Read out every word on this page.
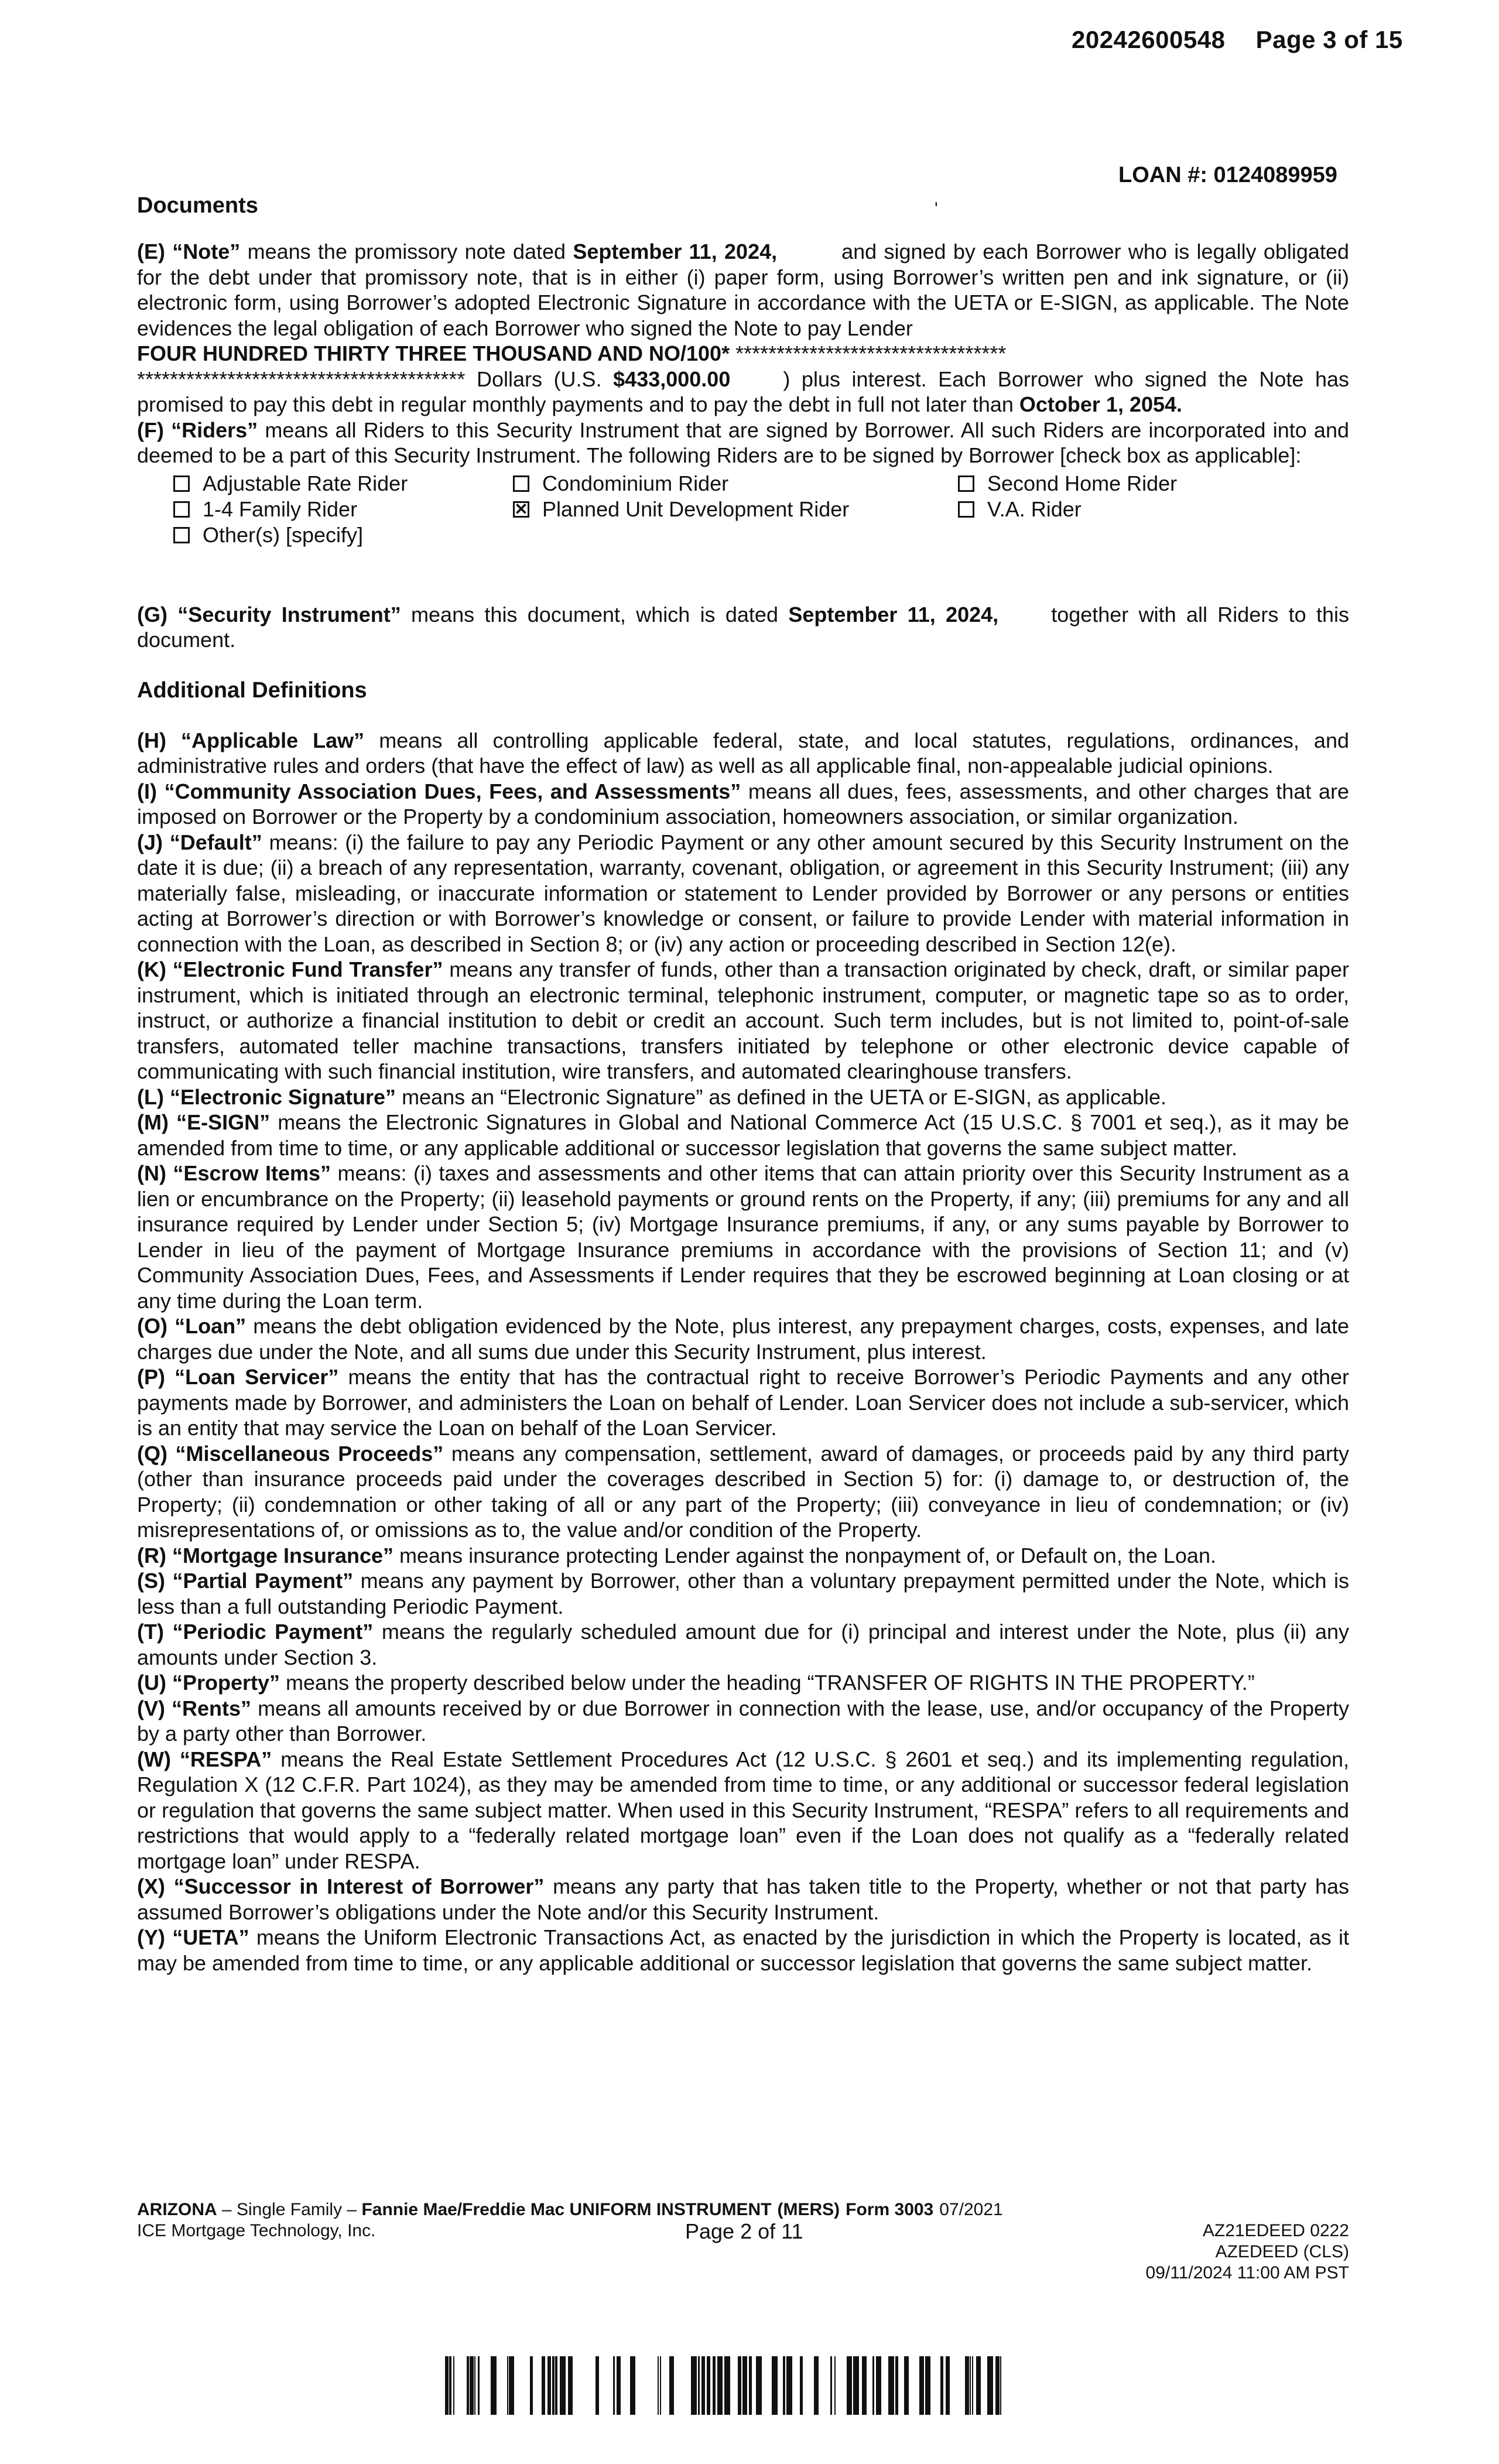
20242600548 Page 3 of 15
LOAN #: 0124089959
Documents	'

(E) “Note” means the promissory note dated September 11, 2024,	and signed by each Borrower who is legally obligated for the debt under that promissory note, that is in either (i) paper form, using Borrower’s written pen and ink signature, or (ii) electronic form, using Borrower’s adopted Electronic Signature in accordance with the UETA or E-SIGN, as applicable. The Note evidences the legal obligation of each Borrower who signed the Note to pay Lender
FOUR HUNDRED THIRTY THREE THOUSAND AND NO/100* *********************************
**************************************** Dollars (U.S. $433,000.00	) plus interest. Each Borrower who signed the Note has promised to pay this debt in regular monthly payments and to pay the debt in full not later than October 1, 2054.

(F) “Riders” means all Riders to this Security Instrument that are signed by Borrower. All such Riders are incorporated into and deemed to be a part of this Security Instrument. The following Riders are to be signed by Borrower [check box as applicable]:

Adjustable Rate Rider
1-4 Family Rider
Other(s) [specify]
Condominium Rider
✕ Planned Unit Development Rider
Second Home Rider
V.A. Rider

(G) “Security Instrument” means this document, which is dated September 11, 2024,	together with all Riders to this document.

Additional Definitions

(H) “Applicable Law” means all controlling applicable federal, state, and local statutes, regulations, ordinances, and administrative rules and orders (that have the effect of law) as well as all applicable final, non-appealable judicial opinions.

(I) “Community Association Dues, Fees, and Assessments” means all dues, fees, assessments, and other charges that are imposed on Borrower or the Property by a condominium association, homeowners association, or similar organization.

(J) “Default” means: (i) the failure to pay any Periodic Payment or any other amount secured by this Security Instrument on the date it is due; (ii) a breach of any representation, warranty, covenant, obligation, or agreement in this Security Instrument; (iii) any materially false, misleading, or inaccurate information or statement to Lender provided by Borrower or any persons or entities acting at Borrower’s direction or with Borrower’s knowledge or consent, or failure to provide Lender with material information in connection with the Loan, as described in Section 8; or (iv) any action or proceeding described in Section 12(e).

(K) “Electronic Fund Transfer” means any transfer of funds, other than a transaction originated by check, draft, or similar paper instrument, which is initiated through an electronic terminal, telephonic instrument, computer, or magnetic tape so as to order, instruct, or authorize a financial institution to debit or credit an account. Such term includes, but is not limited to, point-of-sale transfers, automated teller machine transactions, transfers initiated by telephone or other electronic device capable of communicating with such financial institution, wire transfers, and automated clearinghouse transfers.

(L) “Electronic Signature” means an “Electronic Signature” as defined in the UETA or E-SIGN, as applicable.

(M) “E-SIGN” means the Electronic Signatures in Global and National Commerce Act (15 U.S.C. § 7001 et seq.), as it may be amended from time to time, or any applicable additional or successor legislation that governs the same subject matter.

(N) “Escrow Items” means: (i) taxes and assessments and other items that can attain priority over this Security Instrument as a lien or encumbrance on the Property; (ii) leasehold payments or ground rents on the Property, if any; (iii) premiums for any and all insurance required by Lender under Section 5; (iv) Mortgage Insurance premiums, if any, or any sums payable by Borrower to Lender in lieu of the payment of Mortgage Insurance premiums in accordance with the provisions of Section 11; and (v) Community Association Dues, Fees, and Assessments if Lender requires that they be escrowed beginning at Loan closing or at any time during the Loan term.

(O) “Loan” means the debt obligation evidenced by the Note, plus interest, any prepayment charges, costs, expenses, and late charges due under the Note, and all sums due under this Security Instrument, plus interest.

(P) “Loan Servicer” means the entity that has the contractual right to receive Borrower’s Periodic Payments and any other payments made by Borrower, and administers the Loan on behalf of Lender. Loan Servicer does not include a sub-servicer, which is an entity that may service the Loan on behalf of the Loan Servicer.

(Q) “Miscellaneous Proceeds” means any compensation, settlement, award of damages, or proceeds paid by any third party (other than insurance proceeds paid under the coverages described in Section 5) for: (i) damage to, or destruction of, the Property; (ii) condemnation or other taking of all or any part of the Property; (iii) conveyance in lieu of condemnation; or (iv) misrepresentations of, or omissions as to, the value and/or condition of the Property.

(R) “Mortgage Insurance” means insurance protecting Lender against the nonpayment of, or Default on, the Loan.

(S) “Partial Payment” means any payment by Borrower, other than a voluntary prepayment permitted under the Note, which is less than a full outstanding Periodic Payment.

(T) “Periodic Payment” means the regularly scheduled amount due for (i) principal and interest under the Note, plus (ii) any amounts under Section 3.

(U) “Property” means the property described below under the heading “TRANSFER OF RIGHTS IN THE PROPERTY.”

(V) “Rents” means all amounts received by or due Borrower in connection with the lease, use, and/or occupancy of the Property by a party other than Borrower.

(W) “RESPA” means the Real Estate Settlement Procedures Act (12 U.S.C. § 2601 et seq.) and its implementing regulation, Regulation X (12 C.F.R. Part 1024), as they may be amended from time to time, or any additional or successor federal legislation or regulation that governs the same subject matter. When used in this Security Instrument, “RESPA” refers to all requirements and restrictions that would apply to a “federally related mortgage loan” even if the Loan does not qualify as a “federally related mortgage loan” under RESPA.

(X) “Successor in Interest of Borrower” means any party that has taken title to the Property, whether or not that party has assumed Borrower’s obligations under the Note and/or this Security Instrument.

(Y) “UETA” means the Uniform Electronic Transactions Act, as enacted by the jurisdiction in which the Property is located, as it may be amended from time to time, or any applicable additional or successor legislation that governs the same subject matter.

ARIZONA – Single Family – Fannie Mae/Freddie Mac UNIFORM INSTRUMENT (MERS) Form 3003 07/2021
ICE Mortgage Technology, Inc.	Page 2 of 11	AZ21EDEED 0222
AZEDEED (CLS)
09/11/2024 11:00 AM PST
